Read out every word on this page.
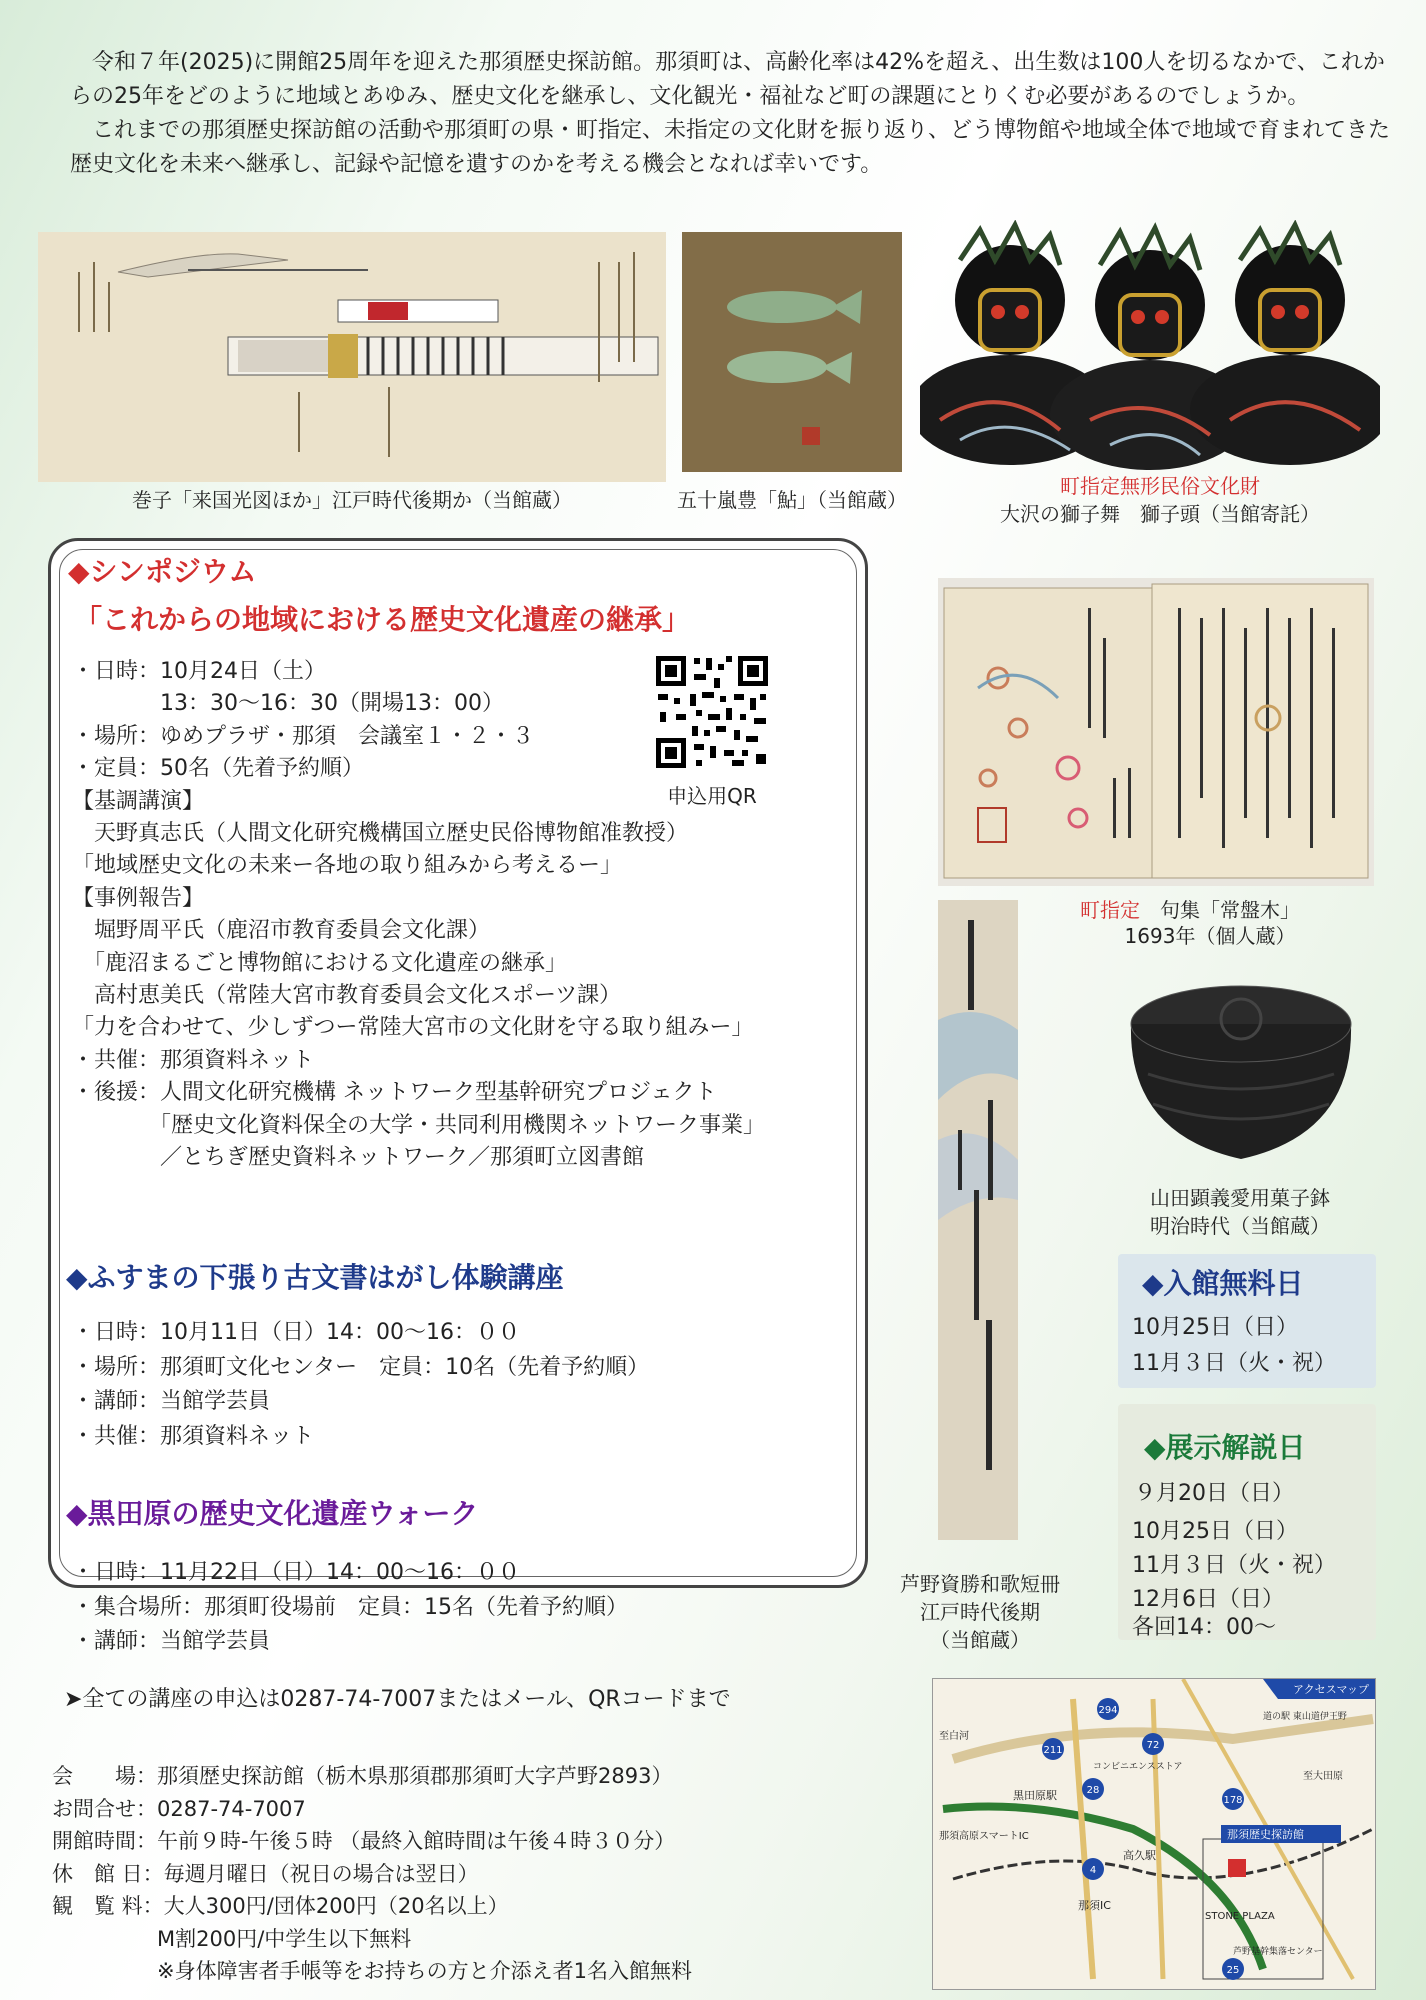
令和７年(2025)に開館25周年を迎えた那須歴史探訪館。那須町は、高齢化率は42%を超え、出生数は100人を切るなかで、これからの25年をどのように地域とあゆみ、歴史文化を継承し、文化観光・福祉など町の課題にとりくむ必要があるのでしょうか。

これまでの那須歴史探訪館の活動や那須町の県・町指定、未指定の文化財を振り返り、どう博物館や地域全体で地域で育まれてきた歴史文化を未来へ継承し、記録や記憶を遺すのかを考える機会となれば幸いです。

巻子「来国光図ほか」江戸時代後期か（当館蔵）	五十嵐豊「鮎」（当館蔵）
町指定無形民俗文化財
大沢の獅子舞　獅子頭（当館寄託）
◆シンポジウム
「これからの地域における歴史文化遺産の継承」
・日時：10月24日（土）
　　　　13：30〜16：30（開場13：00）
・場所：ゆめプラザ・那須　会議室１・２・３
・定員：50名（先着予約順）
【基調講演】
　天野真志氏（人間文化研究機構国立歴史民俗博物館准教授）
「地域歴史文化の未来ー各地の取り組みから考えるー」
【事例報告】
　堀野周平氏（鹿沼市教育委員会文化課）
　「鹿沼まるごと博物館における文化遺産の継承」
　高村恵美氏（常陸大宮市教育委員会文化スポーツ課）
「力を合わせて、少しずつー常陸大宮市の文化財を守る取り組みー」
・共催：那須資料ネット
・後援：人間文化研究機構 ネットワーク型基幹研究プロジェクト
　　　　「歴史文化資料保全の大学・共同利用機関ネットワーク事業」
　　　　／とちぎ歴史資料ネットワーク／那須町立図書館
申込用QR
◆ふすまの下張り古文書はがし体験講座
・日時：10月11日（日）14：00〜16：００
・場所：那須町文化センター　定員：10名（先着予約順）
・講師：当館学芸員
・共催：那須資料ネット
◆黒田原の歴史文化遺産ウォーク
・日時：11月22日（日）14：00〜16：００
・集合場所：那須町役場前　定員：15名（先着予約順）
・講師：当館学芸員
➤全ての講座の申込は0287-74-7007またはメール、QRコードまで
会　　場：那須歴史探訪館（栃木県那須郡那須町大字芦野2893）
お問合せ：0287-74-7007
開館時間：午前９時-午後５時 （最終入館時間は午後４時３０分）
休　館 日：毎週月曜日（祝日の場合は翌日）
観　覧 料：大人300円/団体200円（20名以上）
　　　　　M割200円/中学生以下無料
　　　　　※身体障害者手帳等をお持ちの方と介添え者1名入館無料
町指定　 句集「常盤木」
1693年（個人蔵）
芦野資勝和歌短冊
江戸時代後期
（当館蔵）
山田顕義愛用菓子鉢
明治時代（当館蔵）
◆入館無料日
10月25日（日）
11月３日（火・祝）
◆展示解説日
９月20日（日）
10月25日（日）
11月３日（火・祝）
12月6日（日）
各回14：00〜
アクセスマップ
那須歴史探訪館
黒田原駅
高久駅
那須IC
那須高原スマートIC
STONE PLAZA
芦野基幹集落センター
道の駅 東山道伊王野
至白河
至大田原
コンビニエンスストア
294
211
28
72
178
4
25
